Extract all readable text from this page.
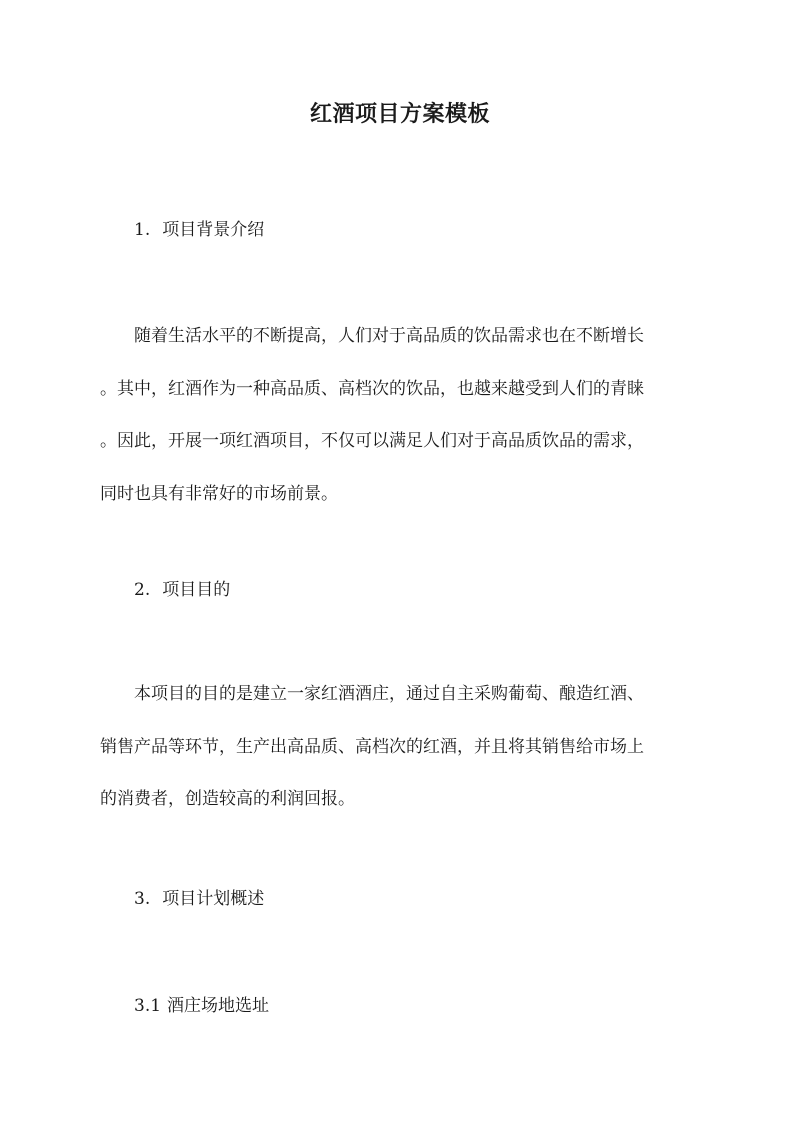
红酒项目方案模板
1. 项目背景介绍
随着生活水平的不断提高，人们对于高品质的饮品需求也在不断增长
。其中，红酒作为一种高品质、高档次的饮品，也越来越受到人们的青睐
。因此，开展一项红酒项目，不仅可以满足人们对于高品质饮品的需求，
同时也具有非常好的市场前景。
2. 项目目的
本项目的目的是建立一家红酒酒庄，通过自主采购葡萄、酿造红酒、
销售产品等环节，生产出高品质、高档次的红酒，并且将其销售给市场上
的消费者，创造较高的利润回报。
3. 项目计划概述
3.1 酒庄场地选址
